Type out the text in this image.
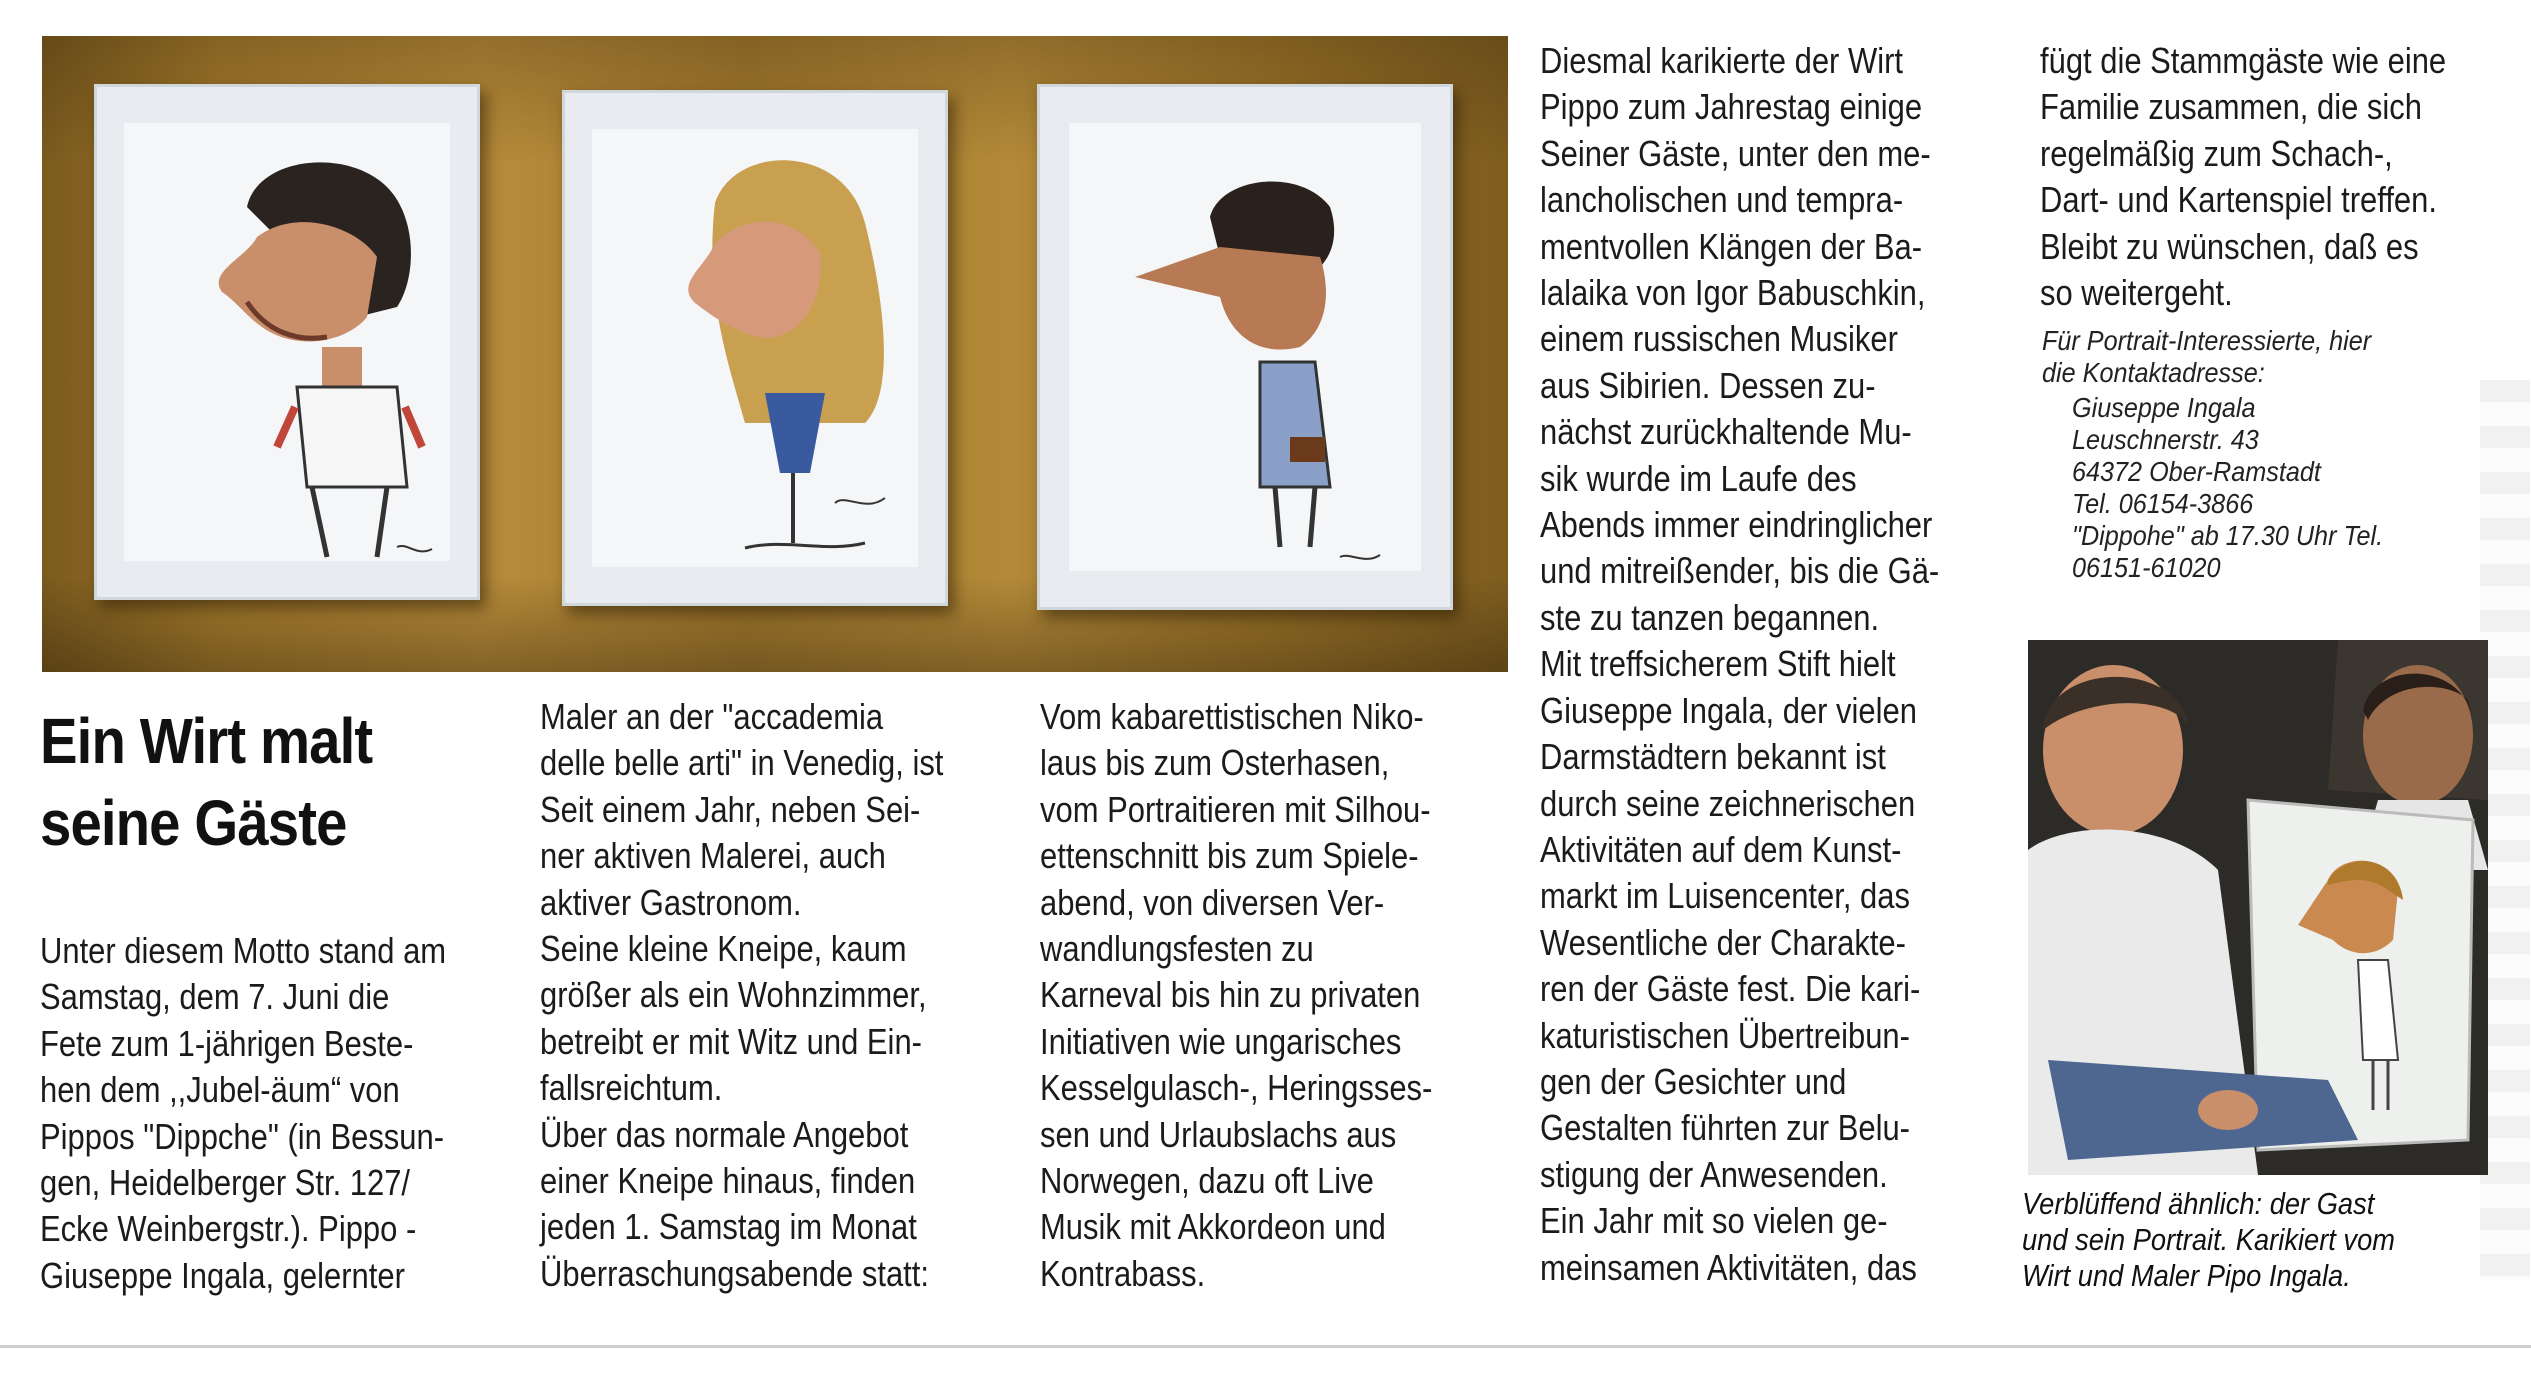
Ein Wirt malt
seine Gäste
Unter diesem Motto stand am
Samstag, dem 7. Juni die
Fete zum 1-jährigen Beste-
hen dem ,,Jubel-äum“ von
Pippos "Dippche" (in Bessun-
gen, Heidelberger Str. 127/
Ecke Weinbergstr.). Pippo -
Giuseppe Ingala, gelernter
Maler an der "accademia
delle belle arti" in Venedig, ist
Seit einem Jahr, neben Sei-
ner aktiven Malerei, auch
aktiver Gastronom.
Seine kleine Kneipe, kaum
größer als ein Wohnzimmer,
betreibt er mit Witz und Ein-
fallsreichtum.
Über das normale Angebot
einer Kneipe hinaus, finden
jeden 1. Samstag im Monat
Überraschungsabende statt:
Vom kabarettistischen Niko-
laus bis zum Osterhasen,
vom Portraitieren mit Silhou-
ettenschnitt bis zum Spiele-
abend, von diversen Ver-
wandlungsfesten zu
Karneval bis hin zu privaten
Initiativen wie ungarisches
Kesselgulasch-, Heringsses-
sen und Urlaubslachs aus
Norwegen, dazu oft Live
Musik mit Akkordeon und
Kontrabass.
Diesmal karikierte der Wirt
Pippo zum Jahrestag einige
Seiner Gäste, unter den me-
lancholischen und tempra-
mentvollen Klängen der Ba-
lalaika von Igor Babuschkin,
einem russischen Musiker
aus Sibirien. Dessen zu-
nächst zurückhaltende Mu-
sik wurde im Laufe des
Abends immer eindringlicher
und mitreißender, bis die Gä-
ste zu tanzen begannen.
Mit treffsicherem Stift hielt
Giuseppe Ingala, der vielen
Darmstädtern bekannt ist
durch seine zeichnerischen
Aktivitäten auf dem Kunst-
markt im Luisencenter, das
Wesentliche der Charakte-
ren der Gäste fest. Die kari-
katuristischen Übertreibun-
gen der Gesichter und
Gestalten führten zur Belu-
stigung der Anwesenden.
Ein Jahr mit so vielen ge-
meinsamen Aktivitäten, das
fügt die Stammgäste wie eine
Familie zusammen, die sich
regelmäßig zum Schach-,
Dart- und Kartenspiel treffen.
Bleibt zu wünschen, daß es
so weitergeht.
Für Portrait-Interessierte, hier
die Kontaktadresse:
Giuseppe Ingala
Leuschnerstr. 43
64372 Ober-Ramstadt
Tel. 06154-3866
"Dippohe" ab 17.30 Uhr Tel.
06151-61020
Verblüffend ähnlich: der Gast
und sein Portrait. Karikiert vom
Wirt und Maler Pipo Ingala.
